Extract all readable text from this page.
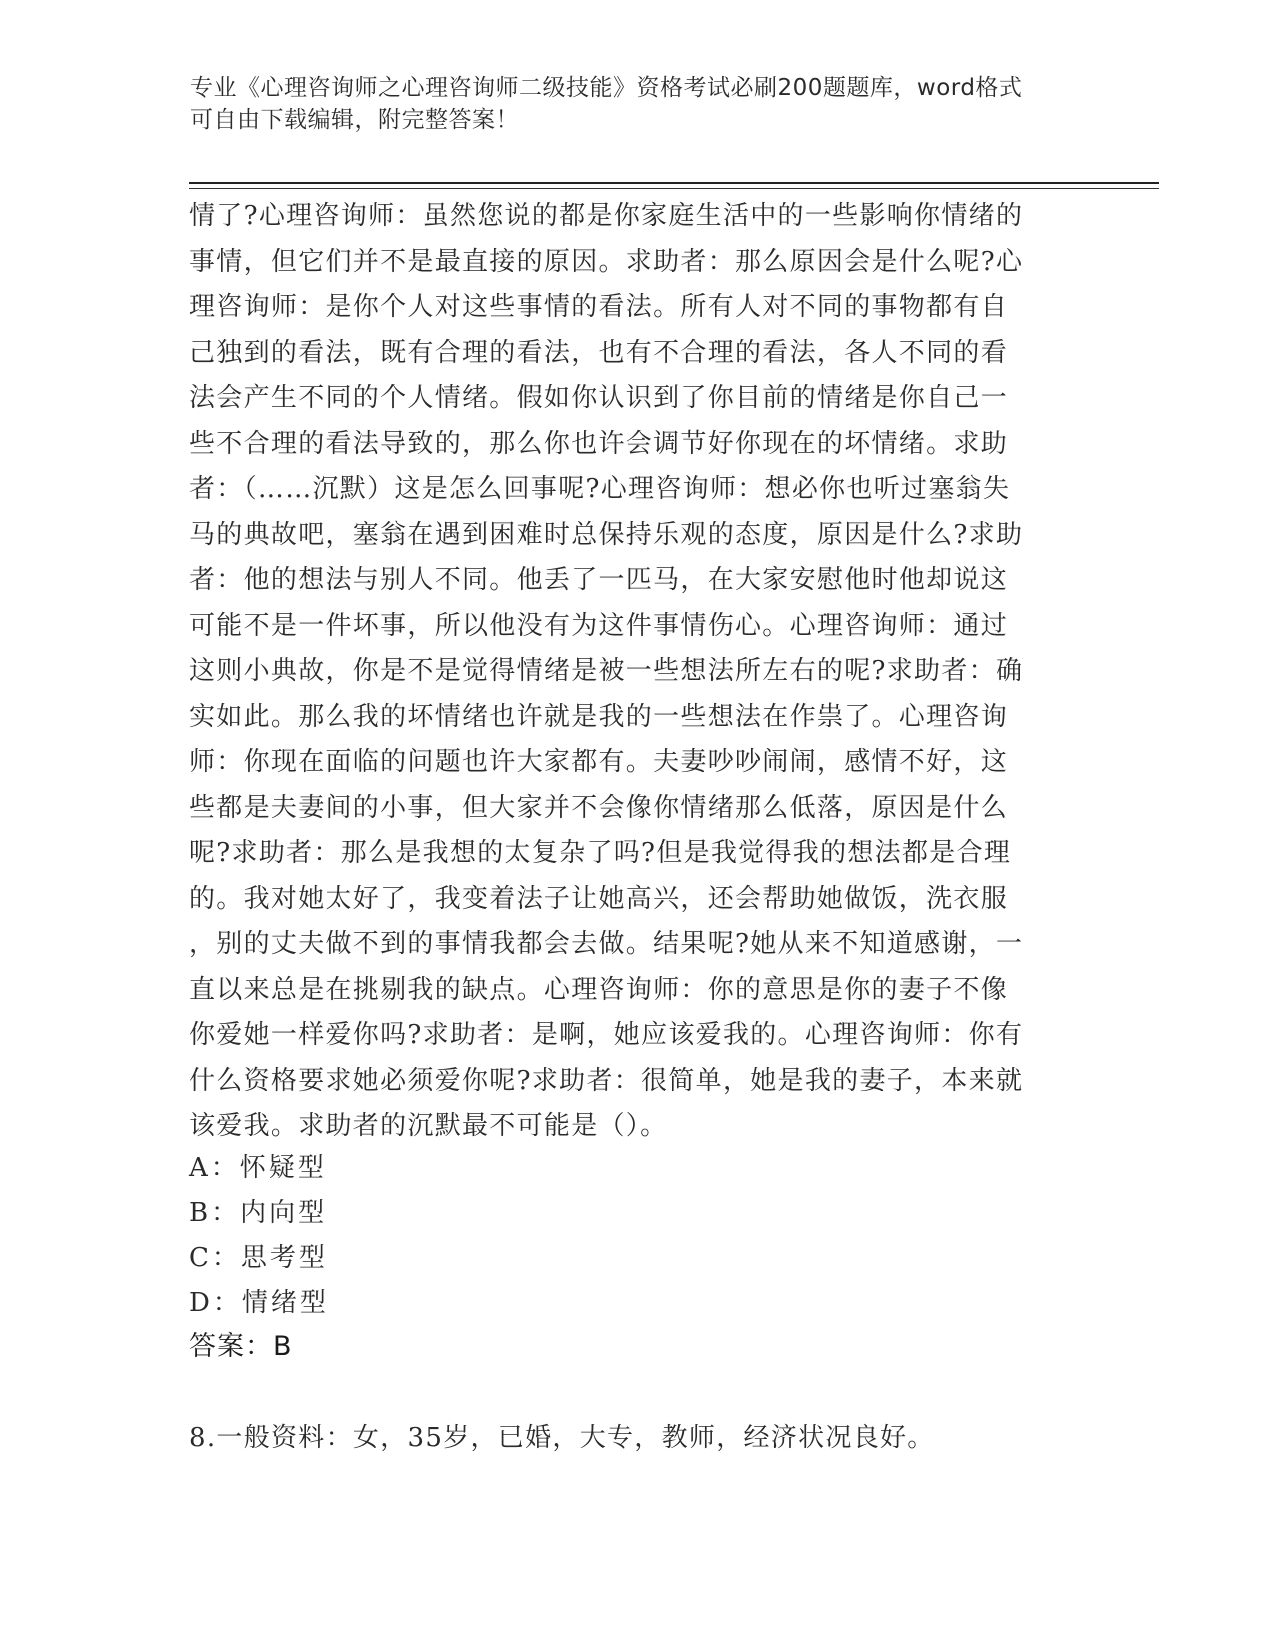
专业《心理咨询师之心理咨询师二级技能》资格考试必刷200题题库，word格式
可自由下载编辑，附完整答案！
情了?心理咨询师：虽然您说的都是你家庭生活中的一些影响你情绪的
事情，但它们并不是最直接的原因。求助者：那么原因会是什么呢?心
理咨询师：是你个人对这些事情的看法。所有人对不同的事物都有自
己独到的看法，既有合理的看法，也有不合理的看法，各人不同的看
法会产生不同的个人情绪。假如你认识到了你目前的情绪是你自己一
些不合理的看法导致的，那么你也许会调节好你现在的坏情绪。求助
者：（……沉默）这是怎么回事呢?心理咨询师：想必你也听过塞翁失
马的典故吧，塞翁在遇到困难时总保持乐观的态度，原因是什么?求助
者：他的想法与别人不同。他丢了一匹马，在大家安慰他时他却说这
可能不是一件坏事，所以他没有为这件事情伤心。心理咨询师：通过
这则小典故，你是不是觉得情绪是被一些想法所左右的呢?求助者：确
实如此。那么我的坏情绪也许就是我的一些想法在作祟了。心理咨询
师：你现在面临的问题也许大家都有。夫妻吵吵闹闹，感情不好，这
些都是夫妻间的小事，但大家并不会像你情绪那么低落，原因是什么
呢?求助者：那么是我想的太复杂了吗?但是我觉得我的想法都是合理
的。我对她太好了，我变着法子让她高兴，还会帮助她做饭，洗衣服
，别的丈夫做不到的事情我都会去做。结果呢?她从来不知道感谢，一
直以来总是在挑剔我的缺点。心理咨询师：你的意思是你的妻子不像
你爱她一样爱你吗?求助者：是啊，她应该爱我的。心理咨询师：你有
什么资格要求她必须爱你呢?求助者：很简单，她是我的妻子，本来就
该爱我。求助者的沉默最不可能是（）。
A：怀疑型
B：内向型
C：思考型
D：情绪型
答案：B
8.一般资料：女，35岁，已婚，大专，教师，经济状况良好。
